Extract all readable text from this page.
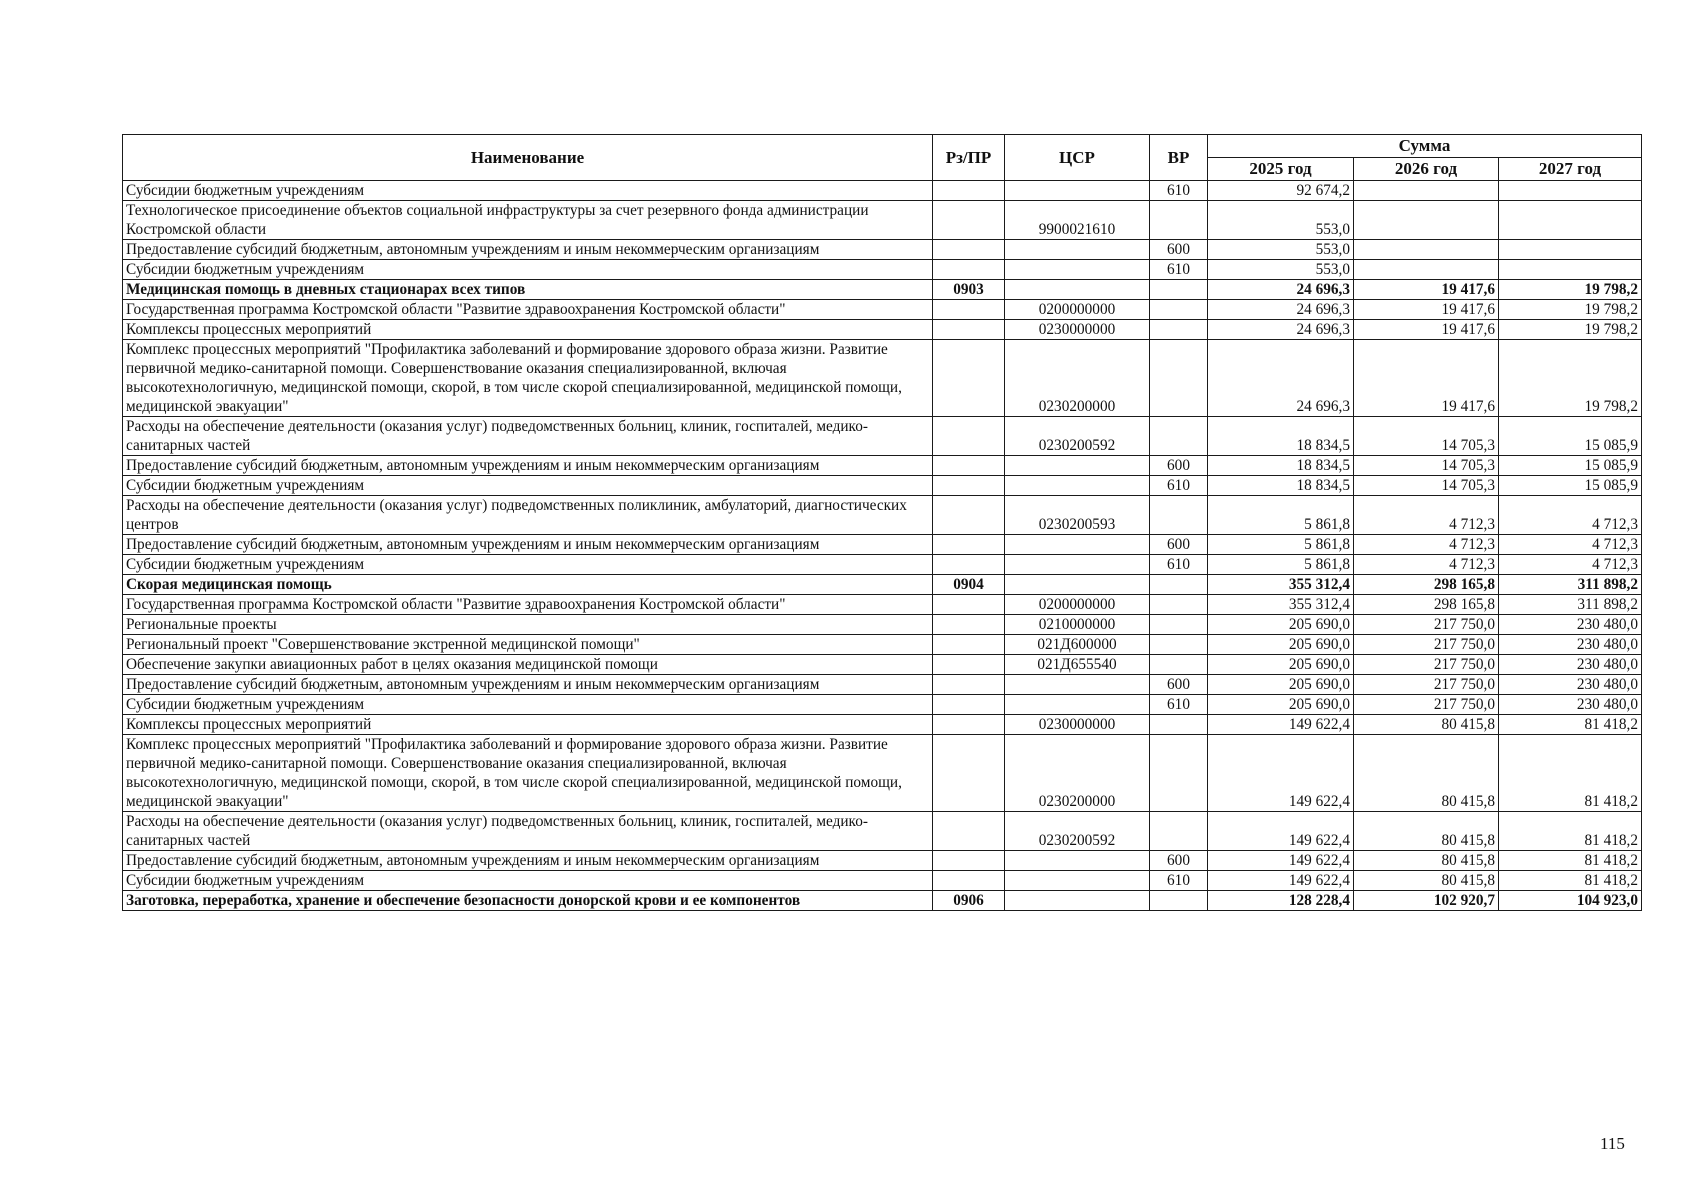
Наименование	Рз/ПР	ЦСР	ВР	Сумма		
				2025 год	2026 год	2027 год
Субсидии бюджетным учреждениям			610	92 674,2		
Технологическое присоединение объектов социальной инфраструктуры за счет резервного фонда администрации Костромской области		9900021610		553,0		
Предоставление субсидий бюджетным, автономным учреждениям и иным некоммерческим организациям			600	553,0		
Субсидии бюджетным учреждениям			610	553,0		
Медицинская помощь в дневных стационарах всех типов	0903			24 696,3	19 417,6	19 798,2
Государственная программа Костромской области "Развитие здравоохранения Костромской области"		0200000000		24 696,3	19 417,6	19 798,2
Комплексы процессных мероприятий		0230000000		24 696,3	19 417,6	19 798,2
Комплекс процессных мероприятий "Профилактика заболеваний и формирование здорового образа жизни. Развитие первичной медико-санитарной помощи. Совершенствование оказания специализированной, включая высокотехнологичную, медицинской помощи, скорой, в том числе скорой специализированной, медицинской помощи, медицинской эвакуации"		0230200000		24 696,3	19 417,6	19 798,2
Расходы на обеспечение деятельности (оказания услуг) подведомственных больниц, клиник, госпиталей, медико-санитарных частей		0230200592		18 834,5	14 705,3	15 085,9
Предоставление субсидий бюджетным, автономным учреждениям и иным некоммерческим организациям			600	18 834,5	14 705,3	15 085,9
Субсидии бюджетным учреждениям			610	18 834,5	14 705,3	15 085,9
Расходы на обеспечение деятельности (оказания услуг) подведомственных поликлиник, амбулаторий, диагностических центров		0230200593		5 861,8	4 712,3	4 712,3
Предоставление субсидий бюджетным, автономным учреждениям и иным некоммерческим организациям			600	5 861,8	4 712,3	4 712,3
Субсидии бюджетным учреждениям			610	5 861,8	4 712,3	4 712,3
Скорая медицинская помощь	0904			355 312,4	298 165,8	311 898,2
Государственная программа Костромской области "Развитие здравоохранения Костромской области"		0200000000		355 312,4	298 165,8	311 898,2
Региональные проекты		0210000000		205 690,0	217 750,0	230 480,0
Региональный проект "Совершенствование экстренной медицинской помощи"		021Д600000		205 690,0	217 750,0	230 480,0
Обеспечение закупки авиационных работ в целях оказания медицинской помощи		021Д655540		205 690,0	217 750,0	230 480,0
Предоставление субсидий бюджетным, автономным учреждениям и иным некоммерческим организациям			600	205 690,0	217 750,0	230 480,0
Субсидии бюджетным учреждениям			610	205 690,0	217 750,0	230 480,0
Комплексы процессных мероприятий		0230000000		149 622,4	80 415,8	81 418,2
Комплекс процессных мероприятий "Профилактика заболеваний и формирование здорового образа жизни. Развитие первичной медико-санитарной помощи. Совершенствование оказания специализированной, включая высокотехнологичную, медицинской помощи, скорой, в том числе скорой специализированной, медицинской помощи, медицинской эвакуации"		0230200000		149 622,4	80 415,8	81 418,2
Расходы на обеспечение деятельности (оказания услуг) подведомственных больниц, клиник, госпиталей, медико-санитарных частей		0230200592		149 622,4	80 415,8	81 418,2
Предоставление субсидий бюджетным, автономным учреждениям и иным некоммерческим организациям			600	149 622,4	80 415,8	81 418,2
Субсидии бюджетным учреждениям			610	149 622,4	80 415,8	81 418,2
Заготовка, переработка, хранение и обеспечение безопасности донорской крови и ее компонентов	0906			128 228,4	102 920,7	104 923,0
115
